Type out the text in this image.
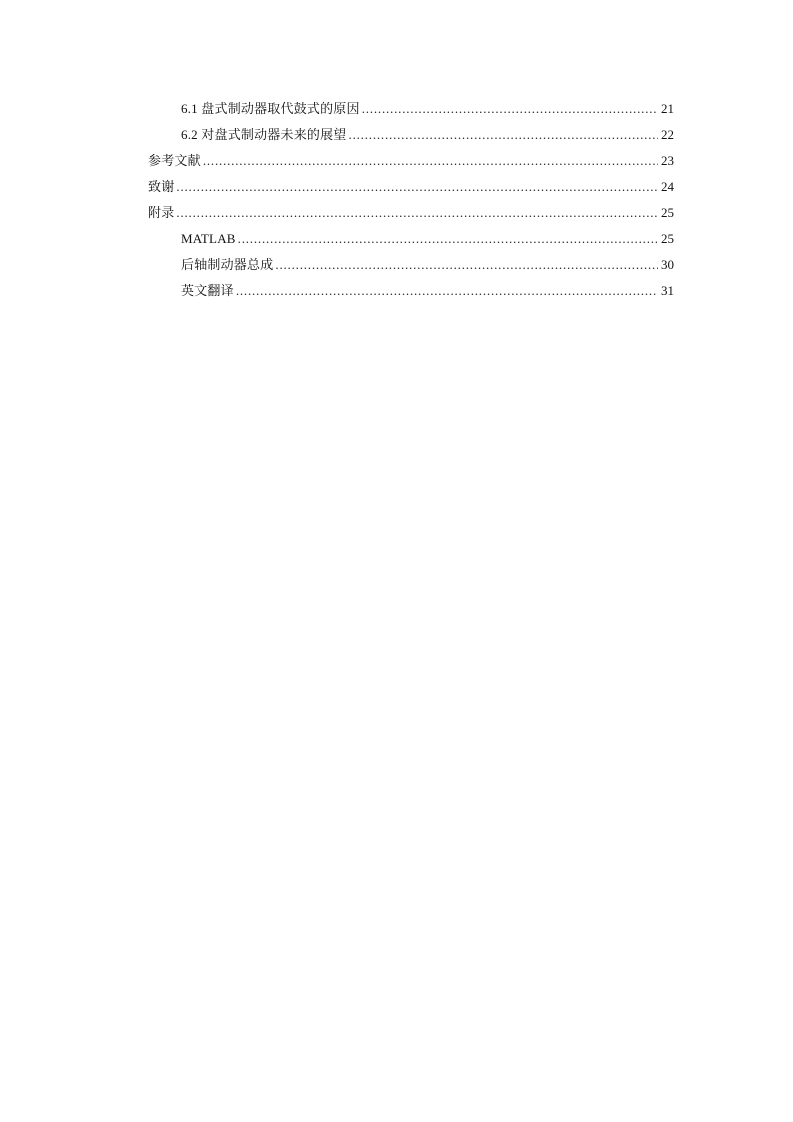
6.1 盘式制动器取代鼓式的原因 .....	21
6.2 对盘式制动器未来的展望 .....	22
参考文献 .....	23
致谢 .....	24
附录 .....	25
MATLAB .....	25
后轴制动器总成 .....	30
英文翻译 .....	31
